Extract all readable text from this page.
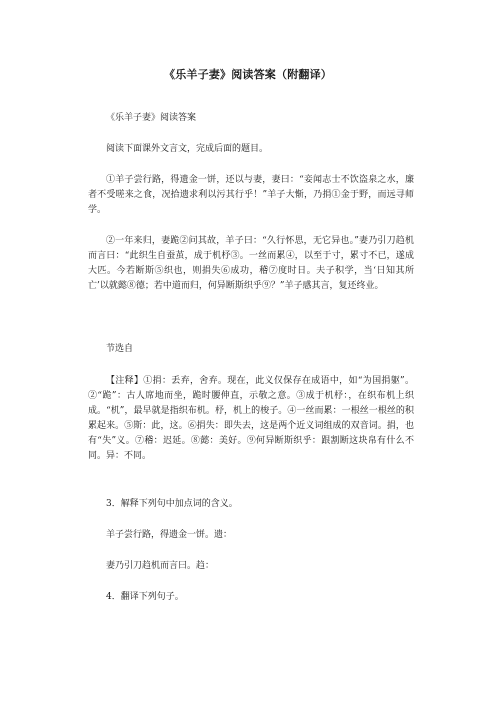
《乐羊子妻》阅读答案（附翻译）

《乐羊子妻》阅读答案

阅读下面课外文言文，完成后面的题目。

①羊子尝行路，得遗金一饼，还以与妻，妻曰：“妾闻志士不饮盗泉之水，廉者不受嗟来之食，况拾遗求利以污其行乎！”羊子大惭，乃捐①金于野，而远寻师学。

②一年来归，妻跪②问其故，羊子曰：“久行怀思，无它异也。”妻乃引刀趋机而言曰：“此织生自蚕茧，成于机杼③。一丝而累④，以至于寸，累寸不已，遂成大匹。今若断斯⑤织也，则捐失⑥成功，稽⑦度时日。夫子积学，当‘日知其所亡’以就懿⑧德；若中道而归，何异断斯织乎⑨？”羊子感其言，复还终业。

节选自

【注释】①捐：丢弃，舍弃。现在，此义仅保存在成语中，如“为国捐躯”。②“跪”：古人席地而坐，跪时腰伸直，示敬之意。③成于机杼：，在织布机上织成。“机”，最早就是指织布机。杼，机上的梭子。④一丝而累：一根丝一根丝的积累起来。⑤斯：此，这。⑥捐失：即失去，这是两个近义词组成的双音词。捐，也有“失”义。⑦稽：迟延。⑧懿：美好。⑨何异断斯织乎：跟割断这块帛有什么不同。异：不同。

3．解释下列句中加点词的含义。

羊子尝行路，得遗金一饼。遗：

妻乃引刀趋机而言曰。趋：

4．翻译下列句子。
